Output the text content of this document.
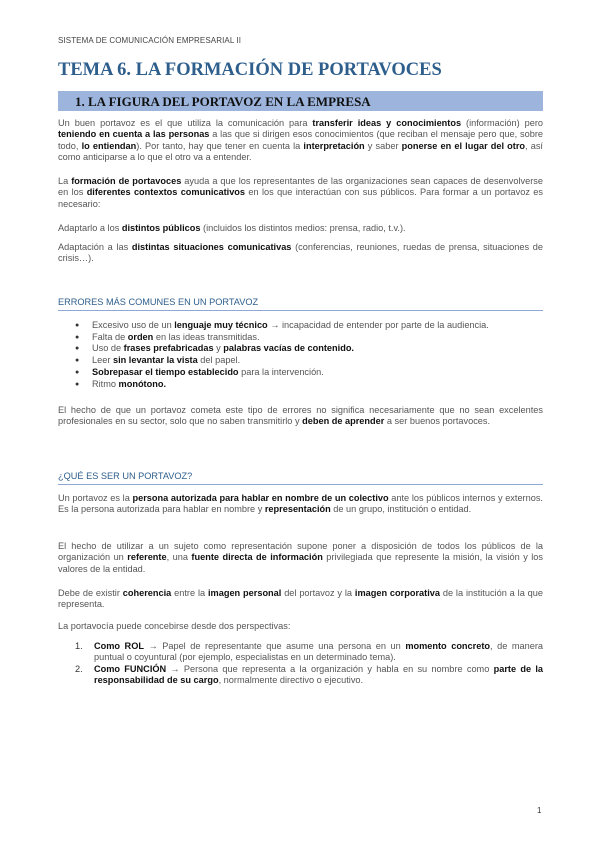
SISTEMA DE COMUNICACIÓN EMPRESARIAL II
TEMA 6. LA FORMACIÓN DE PORTAVOCES
1. LA FIGURA DEL PORTAVOZ EN LA EMPRESA
Un buen portavoz es el que utiliza la comunicación para transferir ideas y conocimientos (información) pero teniendo en cuenta a las personas a las que si dirigen esos conocimientos (que reciban el mensaje pero que, sobre todo, lo entiendan). Por tanto, hay que tener en cuenta la interpretación y saber ponerse en el lugar del otro, así como anticiparse a lo que el otro va a entender.
La formación de portavoces ayuda a que los representantes de las organizaciones sean capaces de desenvolverse en los diferentes contextos comunicativos en los que interactúan con sus públicos. Para formar a un portavoz es necesario:
Adaptarlo a los distintos públicos (incluidos los distintos medios: prensa, radio, t.v.).
Adaptación a las distintas situaciones comunicativas (conferencias, reuniones, ruedas de prensa, situaciones de crisis…).
ERRORES MÁS COMUNES EN UN PORTAVOZ
● Excesivo uso de un lenguaje muy técnico → incapacidad de entender por parte de la audiencia.
● Falta de orden en las ideas transmitidas.
● Uso de frases prefabricadas y palabras vacías de contenido.
● Leer sin levantar la vista del papel.
● Sobrepasar el tiempo establecido para la intervención.
● Ritmo monótono.
El hecho de que un portavoz cometa este tipo de errores no significa necesariamente que no sean excelentes profesionales en su sector, solo que no saben transmitirlo y deben de aprender a ser buenos portavoces.
¿QUÉ ES SER UN PORTAVOZ?
Un portavoz es la persona autorizada para hablar en nombre de un colectivo ante los públicos internos y externos. Es la persona autorizada para hablar en nombre y representación de un grupo, institución o entidad.
El hecho de utilizar a un sujeto como representación supone poner a disposición de todos los públicos de la organización un referente, una fuente directa de información privilegiada que represente la misión, la visión y los valores de la entidad.
Debe de existir coherencia entre la imagen personal del portavoz y la imagen corporativa de la institución a la que representa.
La portavocía puede concebirse desde dos perspectivas:
1. Como ROL → Papel de representante que asume una persona en un momento concreto, de manera puntual o coyuntural (por ejemplo, especialistas en un determinado tema).
2. Como FUNCIÓN → Persona que representa a la organización y habla en su nombre como parte de la responsabilidad de su cargo, normalmente directivo o ejecutivo.
1
